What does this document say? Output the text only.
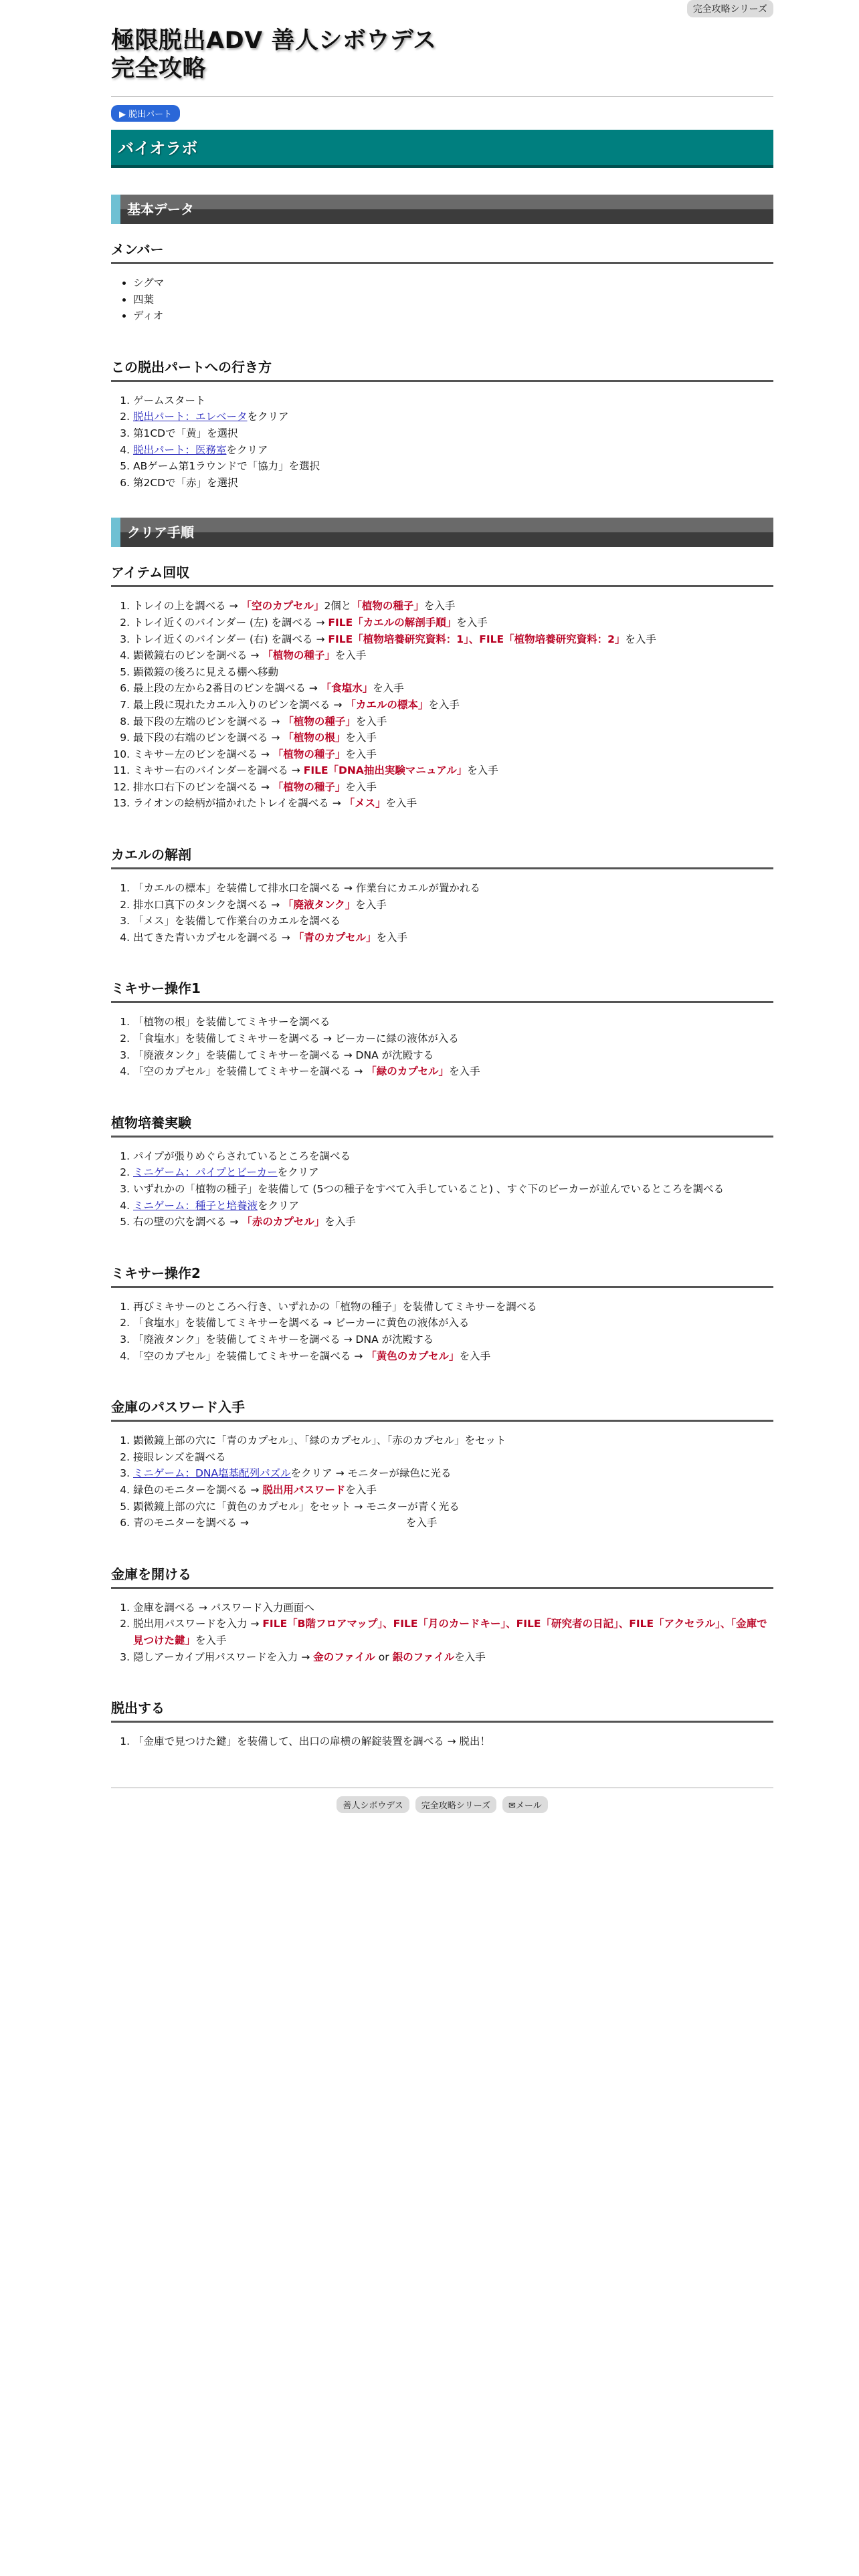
完全攻略シリーズ
極限脱出ADV 善人シボウデス
完全攻略
▶ 脱出パート
バイオラボ
基本データ
メンバー
• シグマ
• 四葉
• ディオ
この脱出パートへの行き方
1. ゲームスタート
2. 脱出パート：エレベータをクリア
3. 第1CDで「黄」を選択
4. 脱出パート：医務室をクリア
5. ABゲーム第1ラウンドで「協力」を選択
6. 第2CDで「赤」を選択
クリア手順
アイテム回収
1. トレイの上を調べる → 「空のカプセル」2個と「植物の種子」を入手
2. トレイ近くのバインダー (左) を調べる → FILE「カエルの解剖手順」を入手
3. トレイ近くのバインダー (右) を調べる → FILE「植物培養研究資料：1」、FILE「植物培養研究資料：2」を入手
4. 顕微鏡右のビンを調べる → 「植物の種子」を入手
5. 顕微鏡の後ろに見える棚へ移動
6. 最上段の左から2番目のビンを調べる → 「食塩水」を入手
7. 最上段に現れたカエル入りのビンを調べる → 「カエルの標本」を入手
8. 最下段の左端のビンを調べる → 「植物の種子」を入手
9. 最下段の右端のビンを調べる → 「植物の根」を入手
10. ミキサー左のビンを調べる → 「植物の種子」を入手
11. ミキサー右のバインダーを調べる → FILE「DNA抽出実験マニュアル」を入手
12. 排水口右下のビンを調べる → 「植物の種子」を入手
13. ライオンの絵柄が描かれたトレイを調べる → 「メス」を入手
カエルの解剖
1. 「カエルの標本」を装備して排水口を調べる → 作業台にカエルが置かれる
2. 排水口真下のタンクを調べる → 「廃液タンク」を入手
3. 「メス」を装備して作業台のカエルを調べる
4. 出てきた青いカプセルを調べる → 「青のカプセル」を入手
ミキサー操作1
1. 「植物の根」を装備してミキサーを調べる
2. 「食塩水」を装備してミキサーを調べる → ビーカーに緑の液体が入る
3. 「廃液タンク」を装備してミキサーを調べる → DNA が沈殿する
4. 「空のカプセル」を装備してミキサーを調べる → 「緑のカプセル」を入手
植物培養実験
1. パイプが張りめぐらされているところを調べる
2. ミニゲーム：パイプとビーカーをクリア
3. いずれかの「植物の種子」を装備して (5つの種子をすべて入手していること) 、すぐ下のビーカーが並んでいるところを調べる
4. ミニゲーム：種子と培養液をクリア
5. 右の壁の穴を調べる → 「赤のカプセル」を入手
ミキサー操作2
1. 再びミキサーのところへ行き、いずれかの「植物の種子」を装備してミキサーを調べる
2. 「食塩水」を装備してミキサーを調べる → ビーカーに黄色の液体が入る
3. 「廃液タンク」を装備してミキサーを調べる → DNA が沈殿する
4. 「空のカプセル」を装備してミキサーを調べる → 「黄色のカプセル」を入手
金庫のパスワード入手
1. 顕微鏡上部の穴に「青のカプセル」、「緑のカプセル」、「赤のカプセル」をセット
2. 接眼レンズを調べる
3. ミニゲーム：DNA塩基配列パズルをクリア → モニターが緑色に光る
4. 緑色のモニターを調べる → 脱出用パスワードを入手
5. 顕微鏡上部の穴に「黄色のカプセル」をセット → モニターが青く光る
6. 青のモニターを調べる →	を入手
金庫を開ける
1. 金庫を調べる → パスワード入力画面へ
2. 脱出用パスワードを入力 → FILE「B階フロアマップ」、FILE「月のカードキー」、FILE「研究者の日記」、FILE「アクセラル」、「金庫で見つけた鍵」を入手
3. 隠しアーカイブ用パスワードを入力 → 金のファイル or 銀のファイルを入手
脱出する
1. 「金庫で見つけた鍵」を装備して、出口の扉横の解錠装置を調べる → 脱出！
善人シボウデス 完全攻略シリーズ ✉メール
